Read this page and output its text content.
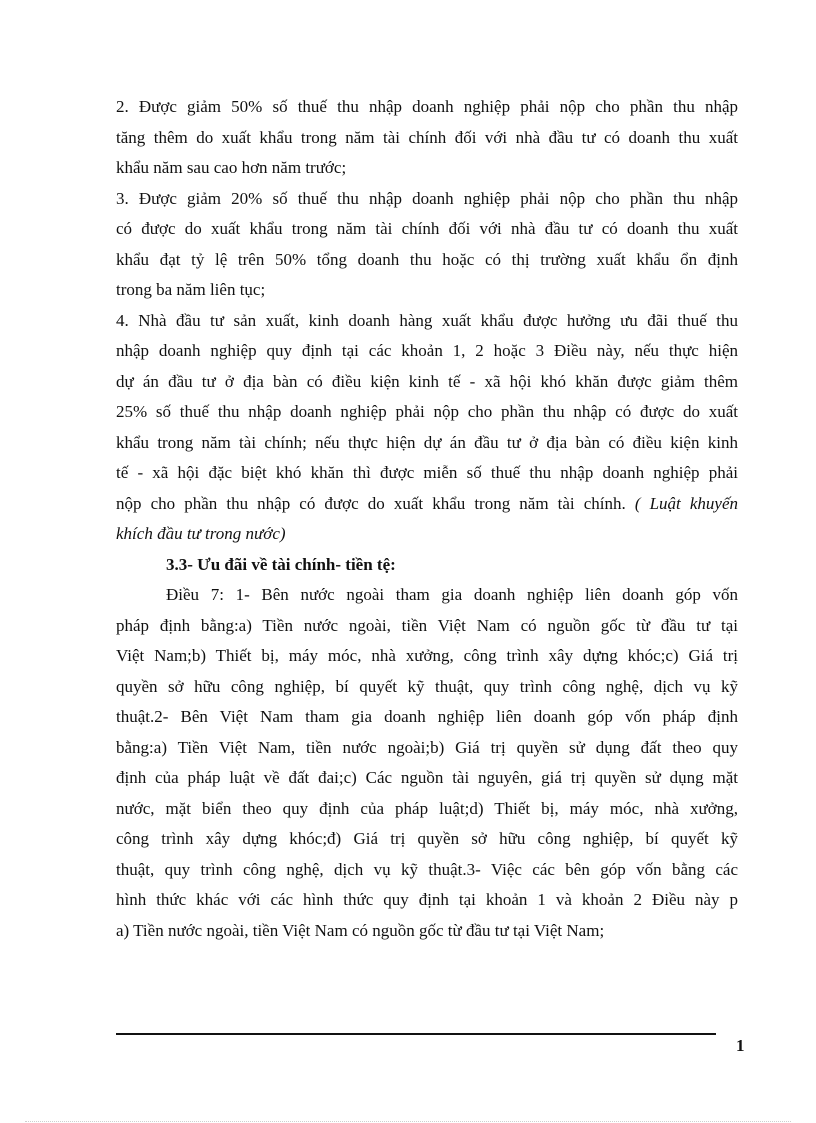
2. Được giảm 50% số thuế thu nhập doanh nghiệp phải nộp cho phần thu nhập
tăng thêm do xuất khẩu trong năm tài chính đối với nhà đầu tư có doanh thu xuất
khẩu năm sau cao hơn năm trước;
3. Được giảm 20% số thuế thu nhập doanh nghiệp phải nộp cho phần thu nhập
có được do xuất khẩu trong năm tài chính đối với nhà đầu tư có doanh thu xuất
khẩu đạt tỷ lệ trên 50% tổng doanh thu hoặc có thị trường xuất khẩu ổn định
trong ba năm liên tục;
4. Nhà đầu tư sản xuất, kinh doanh hàng xuất khẩu được hưởng ưu đãi thuế thu
nhập doanh nghiệp quy định tại các khoản 1, 2 hoặc 3 Điều này, nếu thực hiện
dự án đầu tư ở địa bàn có điều kiện kinh tế - xã hội khó khăn được giảm thêm
25% số thuế thu nhập doanh nghiệp phải nộp cho phần thu nhập có được do xuất
khẩu trong năm tài chính; nếu thực hiện dự án đầu tư ở địa bàn có điều kiện kinh
tế - xã hội đặc biệt khó khăn thì được miễn số thuế thu nhập doanh nghiệp phải
nộp cho phần thu nhập có được do xuất khẩu trong năm tài chính. ( Luật khuyến
khích đầu tư trong nước)
3.3- Ưu đãi về tài chính- tiền tệ:
Điều 7: 1- Bên nước ngoài tham gia doanh nghiệp liên doanh góp vốn
pháp định bằng:a) Tiền nước ngoài, tiền Việt Nam có nguồn gốc từ đầu tư tại
Việt Nam;b) Thiết bị, máy móc, nhà xưởng, công trình xây dựng khóc;c) Giá trị
quyền sở hữu công nghiệp, bí quyết kỹ thuật, quy trình công nghệ, dịch vụ kỹ
thuật.2- Bên Việt Nam tham gia doanh nghiệp liên doanh góp vốn pháp định
bằng:a) Tiền Việt Nam, tiền nước ngoài;b) Giá trị quyền sử dụng đất theo quy
định của pháp luật về đất đai;c) Các nguồn tài nguyên, giá trị quyền sử dụng mặt
nước, mặt biển theo quy định của pháp luật;d) Thiết bị, máy móc, nhà xưởng,
công trình xây dựng khóc;đ) Giá trị quyền sở hữu công nghiệp, bí quyết kỹ
thuật, quy trình công nghệ, dịch vụ kỹ thuật.3- Việc các bên góp vốn bằng các
hình thức khác với các hình thức quy định tại khoản 1 và khoản 2 Điều này p
a) Tiền nước ngoài, tiền Việt Nam có nguồn gốc từ đầu tư tại Việt Nam;
1
